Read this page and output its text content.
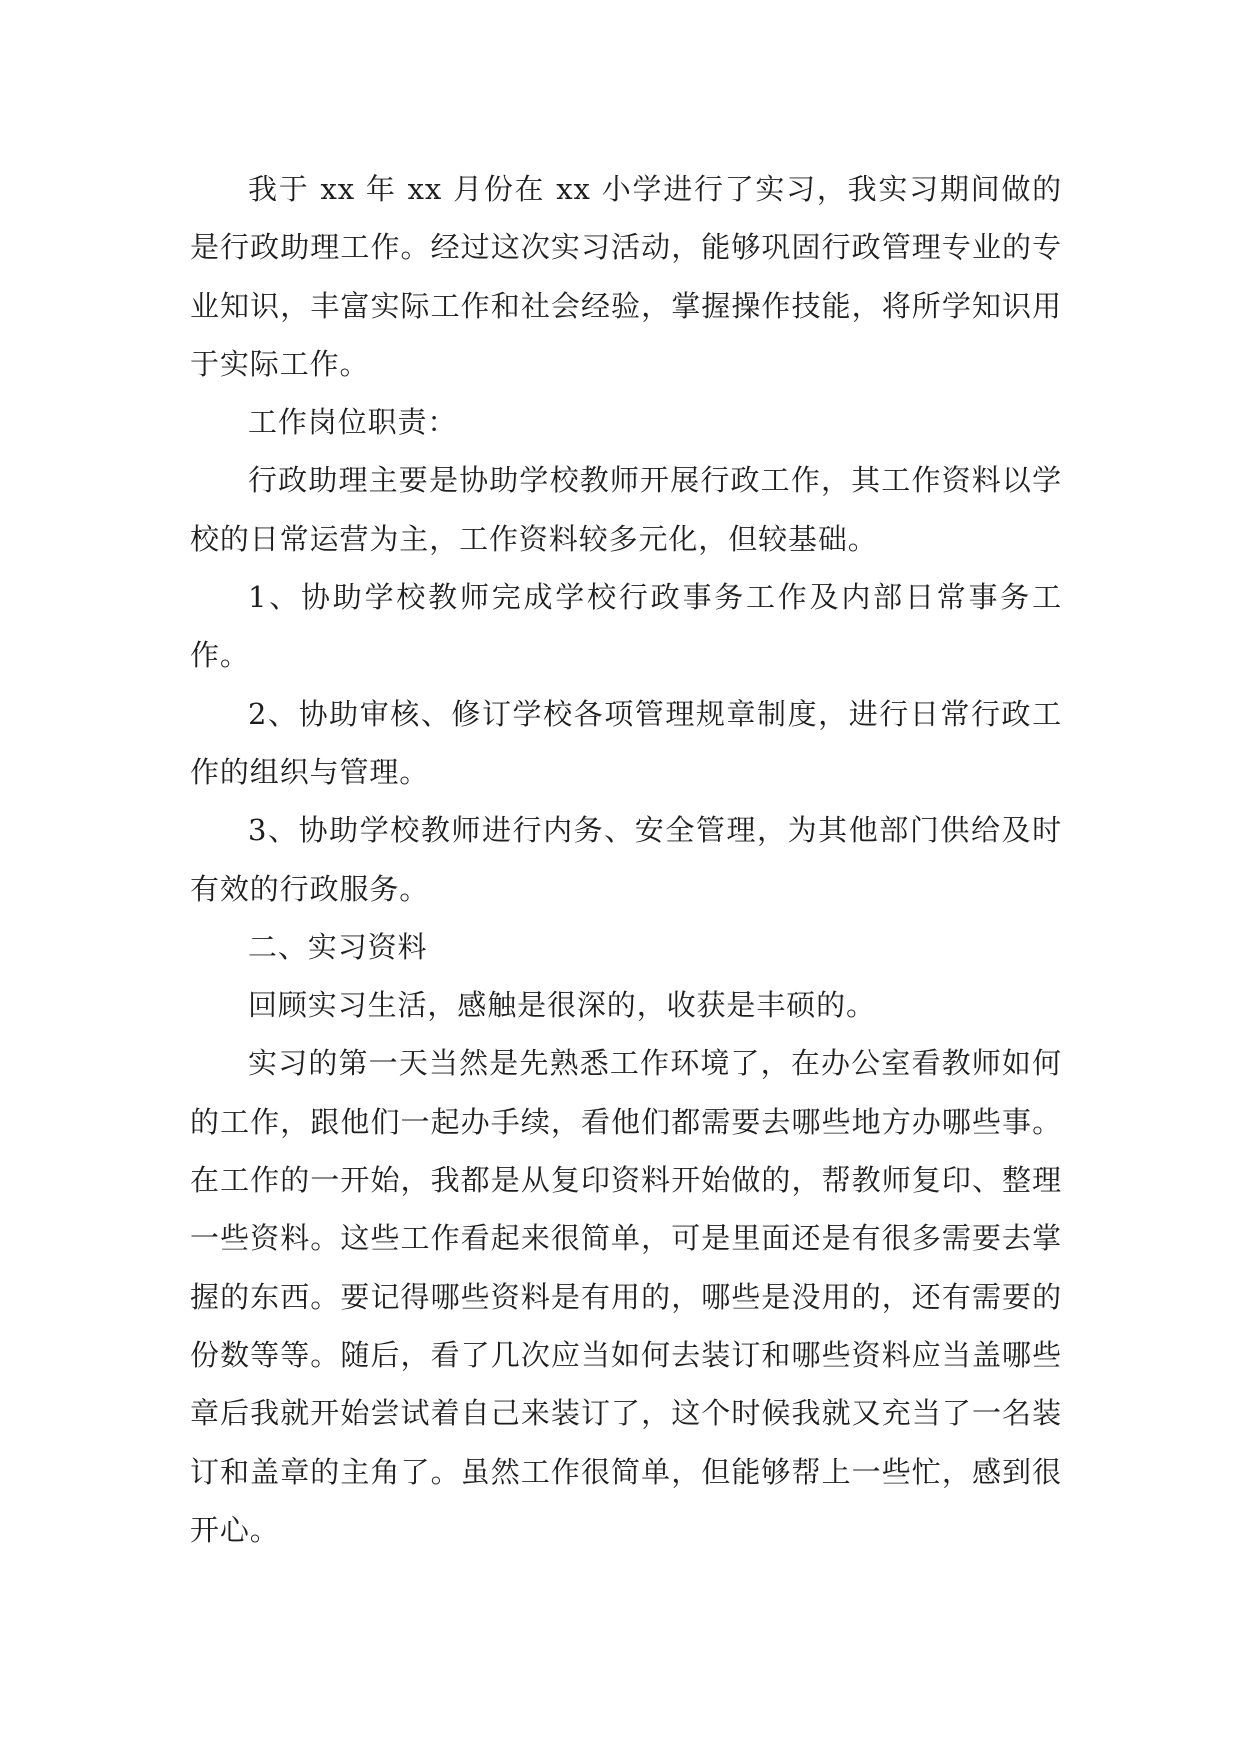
我于 xx 年 xx 月份在 xx 小学进行了实习，我实习期间做的是行政助理工作。经过这次实习活动，能够巩固行政管理专业的专业知识，丰富实际工作和社会经验，掌握操作技能，将所学知识用于实际工作。

工作岗位职责：

行政助理主要是协助学校教师开展行政工作，其工作资料以学校的日常运营为主，工作资料较多元化，但较基础。

1、协助学校教师完成学校行政事务工作及内部日常事务工作。

2、协助审核、修订学校各项管理规章制度，进行日常行政工作的组织与管理。

3、协助学校教师进行内务、安全管理，为其他部门供给及时有效的行政服务。

二、实习资料

回顾实习生活，感触是很深的，收获是丰硕的。

实习的第一天当然是先熟悉工作环境了，在办公室看教师如何的工作，跟他们一起办手续，看他们都需要去哪些地方办哪些事。在工作的一开始，我都是从复印资料开始做的，帮教师复印、整理一些资料。这些工作看起来很简单，可是里面还是有很多需要去掌握的东西。要记得哪些资料是有用的，哪些是没用的，还有需要的份数等等。随后，看了几次应当如何去装订和哪些资料应当盖哪些章后我就开始尝试着自己来装订了，这个时候我就又充当了一名装订和盖章的主角了。虽然工作很简单，但能够帮上一些忙，感到很开心。
